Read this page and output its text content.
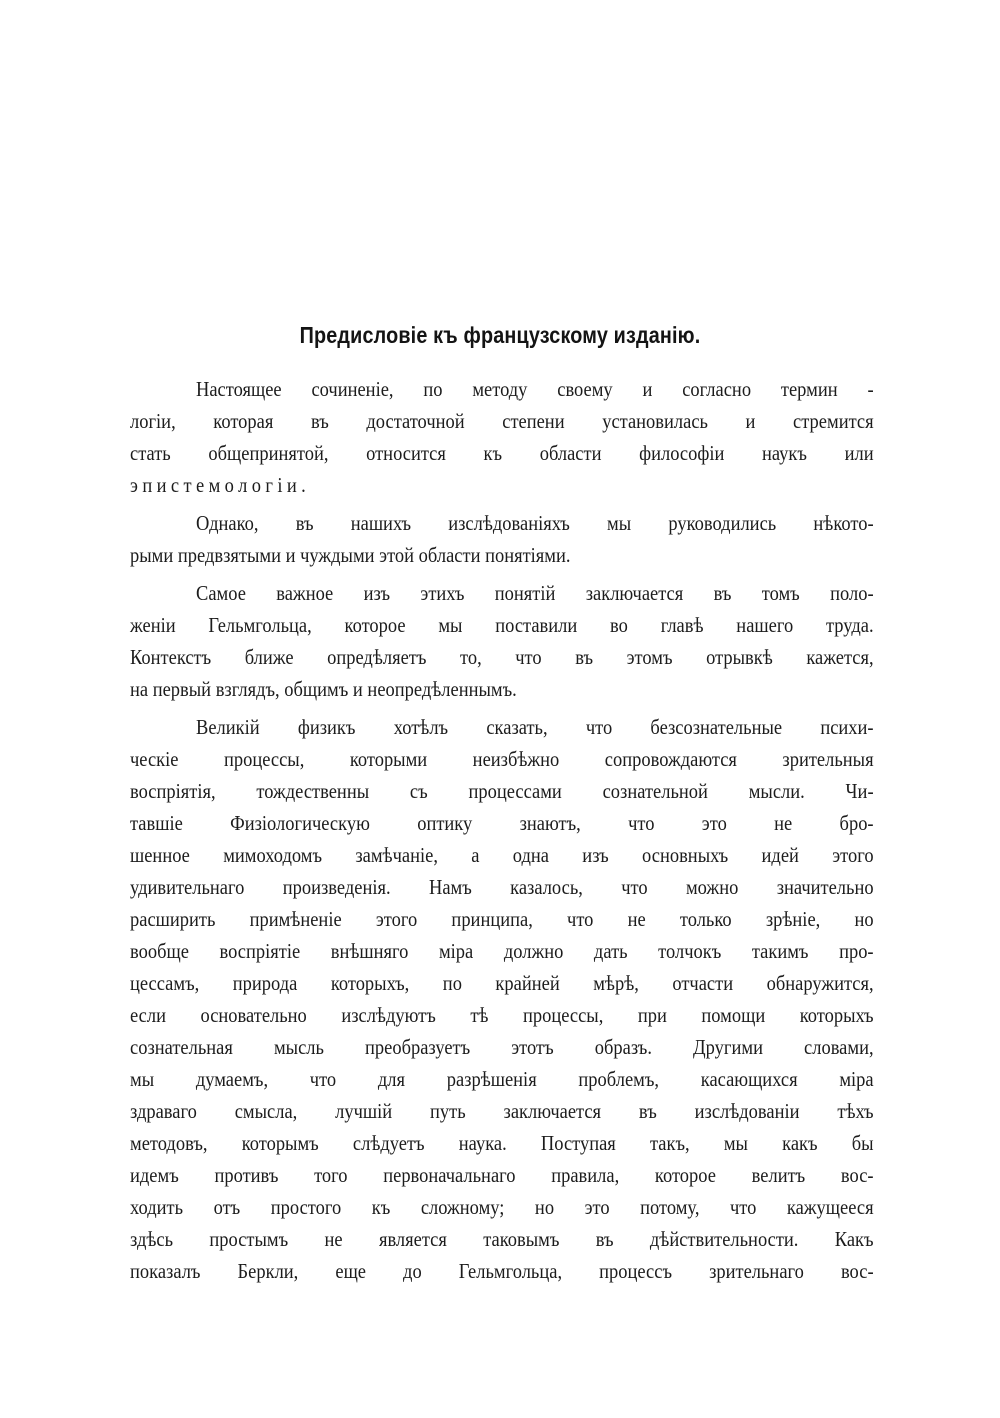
Предисловіе къ французскому изданію.
Настоящее сочиненіе, по методу своему и согласно термин -
логіи, которая въ достаточной степени установилась и стремится
стать общепринятой, относится къ области философіи наукъ или
эпистемологіи.
Однако, въ нашихъ изслѣдованіяхъ мы руководились нѣкото-
рыми предвзятыми и чуждыми этой области понятіями.
Самое важное изъ этихъ понятій заключается въ томъ поло-
женіи Гельмгольца, которое мы поставили во главѣ нашего труда.
Контекстъ ближе опредѣляетъ то, что въ этомъ отрывкѣ кажется,
на первый взглядъ, общимъ и неопредѣленнымъ.
Великій физикъ хотѣлъ сказать, что безсознательные психи-
ческіе процессы, которыми неизбѣжно сопровождаются зрительныя
воспріятія, тождественны съ процессами сознательной мысли. Чи-
тавшіе Физіологическую оптику знаютъ, что это не бро-
шенное мимоходомъ замѣчаніе, а одна изъ основныхъ идей этого
удивительнаго произведенія. Намъ казалось, что можно значительно
расширить примѣненіе этого принципа, что не только зрѣніе, но
вообще воспріятіе внѣшняго міра должно дать толчокъ такимъ про-
цессамъ, природа которыхъ, по крайней мѣрѣ, отчасти обнаружится,
если основательно изслѣдуютъ тѣ процессы, при помощи которыхъ
сознательная мысль преобразуетъ этотъ образъ. Другими словами,
мы думаемъ, что для разрѣшенія проблемъ, касающихся міра
здраваго смысла, лучшій путь заключается въ изслѣдованіи тѣхъ
методовъ, которымъ слѣдуетъ наука. Поступая такъ, мы какъ бы
идемъ противъ того первоначальнаго правила, которое велитъ вос-
ходить отъ простого къ сложному; но это потому, что кажущееся
здѣсь простымъ не является таковымъ въ дѣйствительности. Какъ
показалъ Беркли, еще до Гельмгольца, процессъ зрительнаго вос-
